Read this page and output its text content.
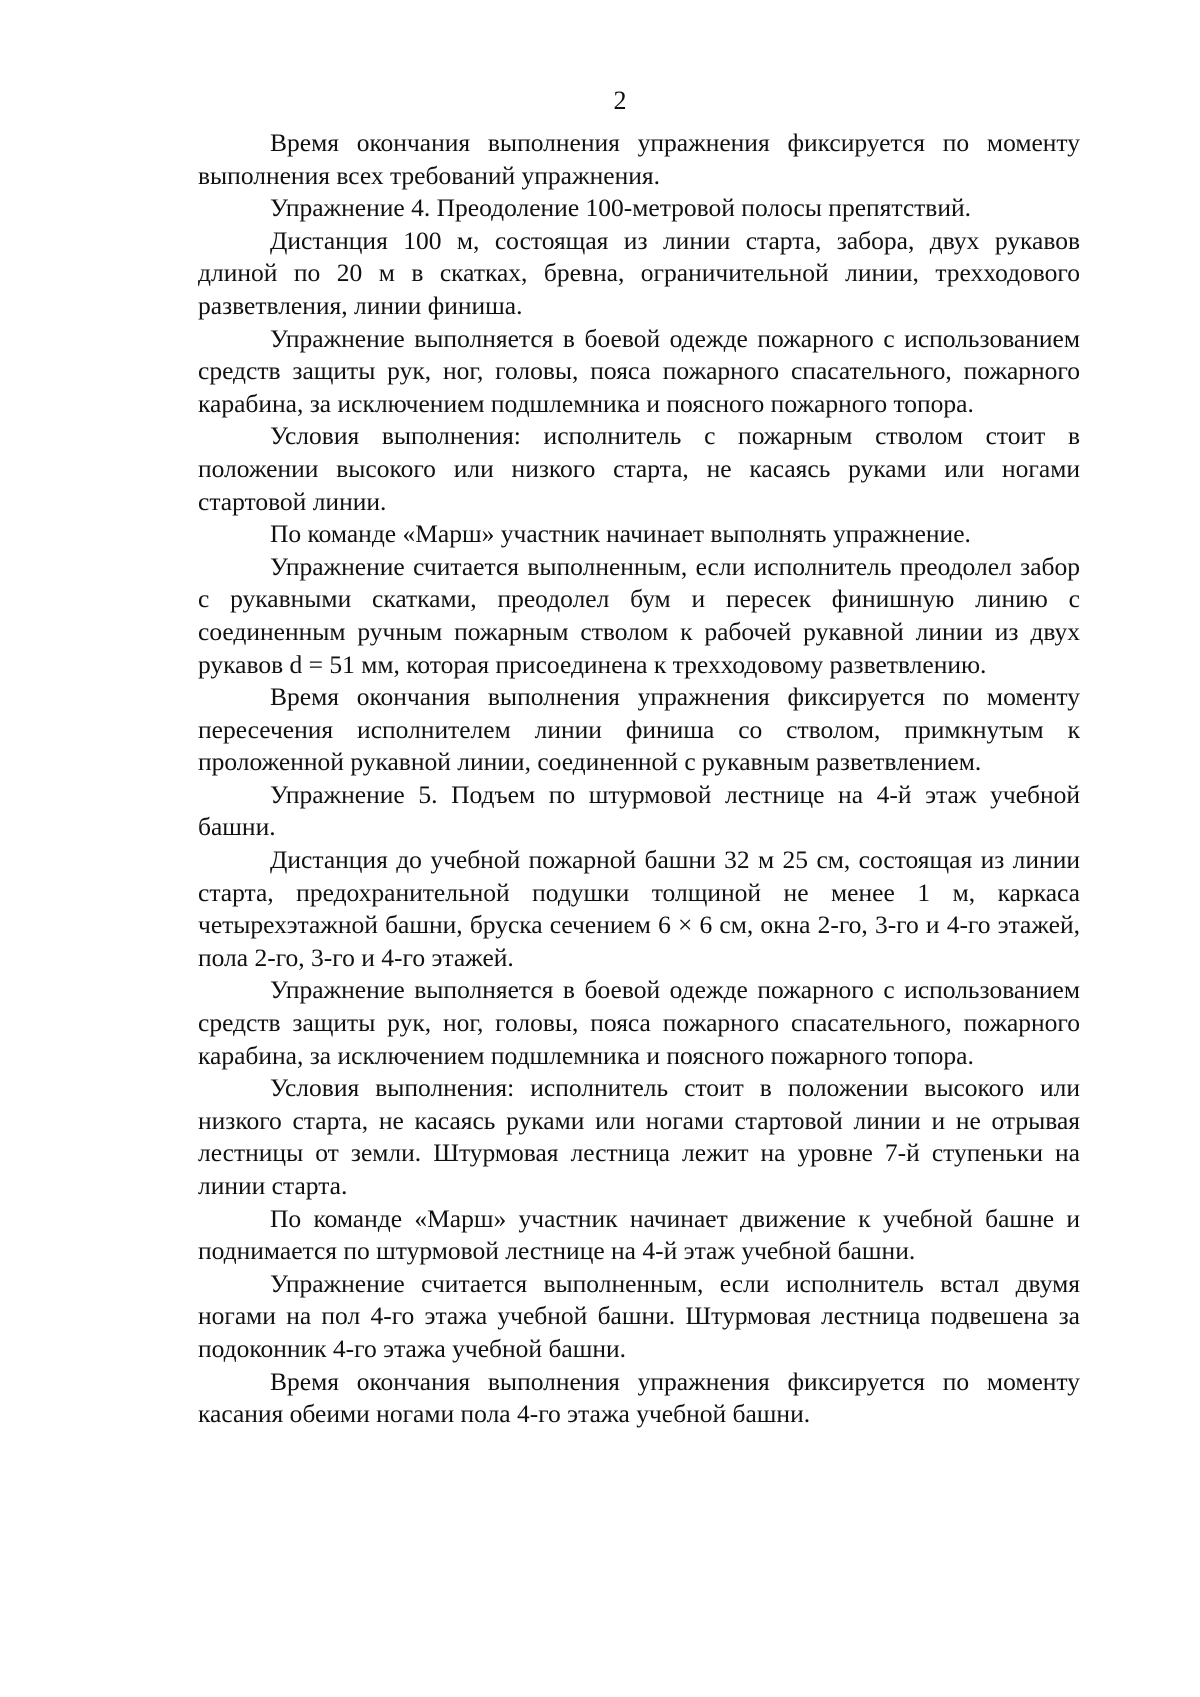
2

Время окончания выполнения упражнения фиксируется по моменту выполнения всех требований упражнения.

Упражнение 4. Преодоление 100-метровой полосы препятствий.

Дистанция 100 м, состоящая из линии старта, забора, двух рукавов длиной по 20 м в скатках, бревна, ограничительной линии, трехходового разветвления, линии финиша.

Упражнение выполняется в боевой одежде пожарного с использованием средств защиты рук, ног, головы, пояса пожарного спасательного, пожарного карабина, за исключением подшлемника и поясного пожарного топора.

Условия выполнения: исполнитель с пожарным стволом стоит в положении высокого или низкого старта, не касаясь руками или ногами стартовой линии.

По команде «Марш» участник начинает выполнять упражнение.

Упражнение считается выполненным, если исполнитель преодолел забор с рукавными скатками, преодолел бум и пересек финишную линию с соединенным ручным пожарным стволом к рабочей рукавной линии из двух рукавов d = 51 мм, которая присоединена к трехходовому разветвлению.

Время окончания выполнения упражнения фиксируется по моменту пересечения исполнителем линии финиша со стволом, примкнутым к проложенной рукавной линии, соединенной с рукавным разветвлением.

Упражнение 5. Подъем по штурмовой лестнице на 4-й этаж учебной башни.

Дистанция до учебной пожарной башни 32 м 25 см, состоящая из линии старта, предохранительной подушки толщиной не менее 1 м, каркаса четырехэтажной башни, бруска сечением 6 × 6 см, окна 2-го, 3-го и 4-го этажей, пола 2-го, 3-го и 4-го этажей.

Упражнение выполняется в боевой одежде пожарного с использованием средств защиты рук, ног, головы, пояса пожарного спасательного, пожарного карабина, за исключением подшлемника и поясного пожарного топора.

Условия выполнения: исполнитель стоит в положении высокого или низкого старта, не касаясь руками или ногами стартовой линии и не отрывая лестницы от земли. Штурмовая лестница лежит на уровне 7-й ступеньки на линии старта.

По команде «Марш» участник начинает движение к учебной башне и поднимается по штурмовой лестнице на 4-й этаж учебной башни.

Упражнение считается выполненным, если исполнитель встал двумя ногами на пол 4-го этажа учебной башни. Штурмовая лестница подвешена за подоконник 4-го этажа учебной башни.

Время окончания выполнения упражнения фиксируется по моменту касания обеими ногами пола 4-го этажа учебной башни.
